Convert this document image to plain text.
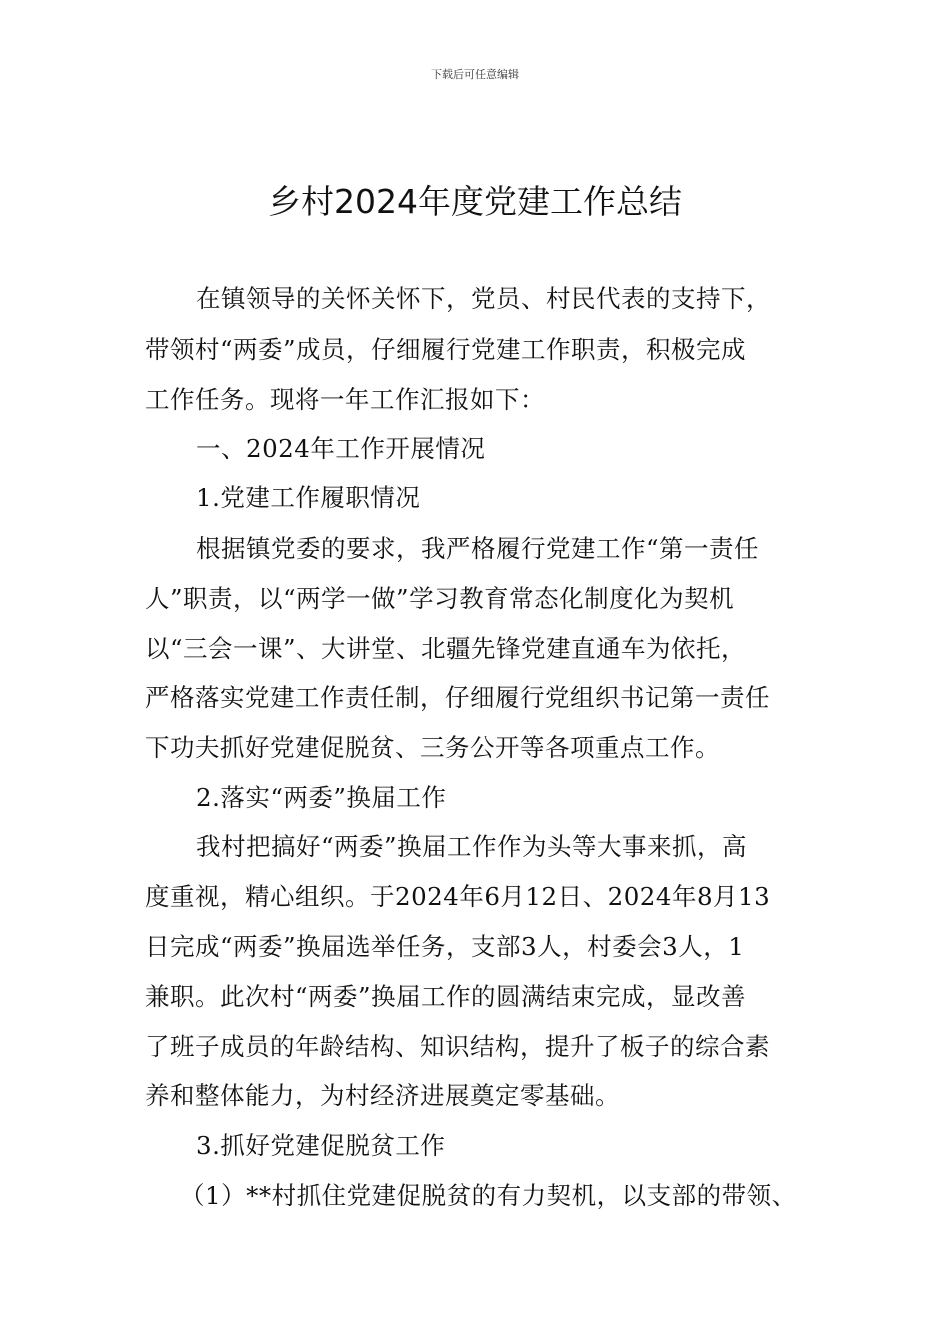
下载后可任意编辑
乡村2024年度党建工作总结
在镇领导的关怀关怀下，党员、村民代表的支持下，
带领村“两委”成员，仔细履行党建工作职责，积极完成
工作任务。现将一年工作汇报如下：
一、2024年工作开展情况
1.党建工作履职情况
根据镇党委的要求，我严格履行党建工作“第一责任
人”职责，以“两学一做”学习教育常态化制度化为契机
以“三会一课”、大讲堂、北疆先锋党建直通车为依托，
严格落实党建工作责任制，仔细履行党组织书记第一责任
下功夫抓好党建促脱贫、三务公开等各项重点工作。
2.落实“两委”换届工作
我村把搞好“两委”换届工作作为头等大事来抓，高
度重视，精心组织。于2024年6月12日、2024年8月13
日完成“两委”换届选举任务，支部3人，村委会3人，1
兼职。此次村“两委”换届工作的圆满结束完成，显改善
了班子成员的年龄结构、知识结构，提升了板子的综合素
养和整体能力，为村经济进展奠定零基础。
3.抓好党建促脱贫工作
（1）**村抓住党建促脱贫的有力契机，以支部的带领、
